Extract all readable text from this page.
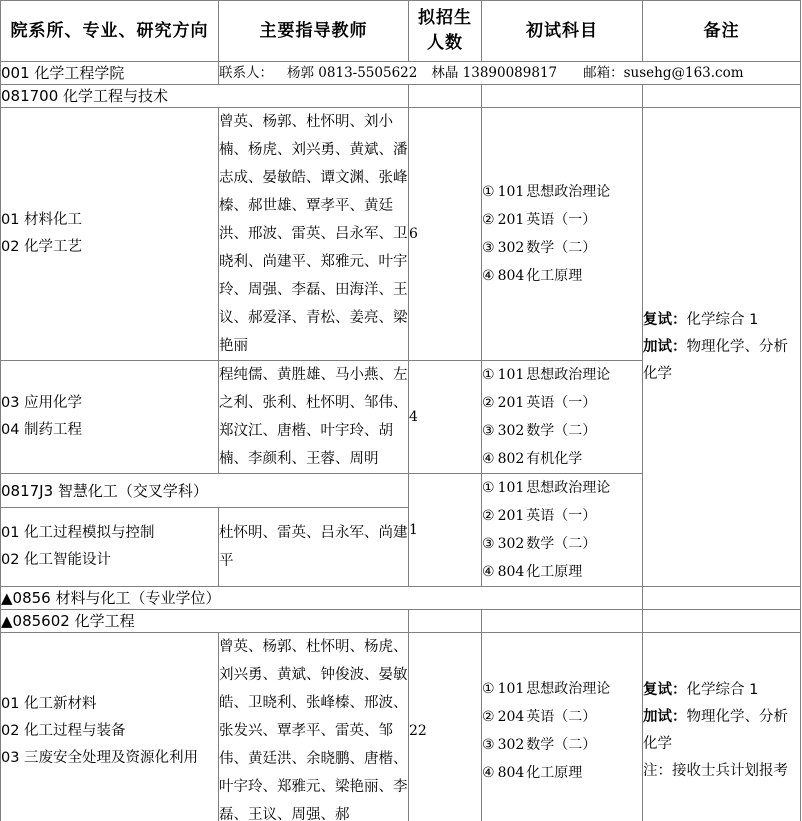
院系所、专业、研究方向	主要指导教师	拟招生
人数	初试科目	备注
001 化学工程学院	联系人： 杨郭 0813-5505622 林晶 13890089817 邮箱：susehg@163.com			
081700 化学工程与技术				

01 材料化工
02 化学工艺	曾英、杨郭、杜怀明、刘小楠、杨虎、刘兴勇、黄斌、潘志成、晏敏皓、谭文渊、张峰榛、郝世雄、覃孝平、黄廷洪、邢波、雷英、吕永军、卫晓利、尚建平、郑雅元、叶宇玲、周强、李磊、田海洋、王议、郝爱泽、青松、姜亮、梁艳丽	6	① 101 思想政治理论
② 201 英语（一）
③ 302 数学（二）
④ 804 化工原理	复试：化学综合 1
加试：物理化学、分析化学

03 应用化学
04 制药工程	程纯儒、黄胜雄、马小燕、左之利、张利、杜怀明、邹伟、郑汶江、唐楷、叶宇玲、胡楠、李颜利、王蓉、周明	4	① 101 思想政治理论
② 201 英语（一）
③ 302 数学（二）
④ 802 有机化学	

0817J3 智慧化工（交叉学科）		1	① 101 思想政治理论
② 201 英语（一）
③ 302 数学（二）
④ 804 化工原理	

01 化工过程模拟与控制
02 化工智能设计	杜怀明、雷英、吕永军、尚建平			
▲0856 材料与化工（专业学位）				
▲085602 化学工程				

01 化工新材料
02 化工过程与装备
03 三废安全处理及资源化利用	曾英、杨郭、杜怀明、杨虎、刘兴勇、黄斌、钟俊波、晏敏皓、卫晓利、张峰榛、邢波、张发兴、覃孝平、雷英、邹伟、黄廷洪、余晓鹏、唐楷、叶宇玲、郑雅元、梁艳丽、李磊、王议、周强、郝	22	① 101 思想政治理论
② 204 英语（二）
③ 302 数学（二）
④ 804 化工原理	复试：化学综合 1
加试：物理化学、分析化学
注：接收士兵计划报考
